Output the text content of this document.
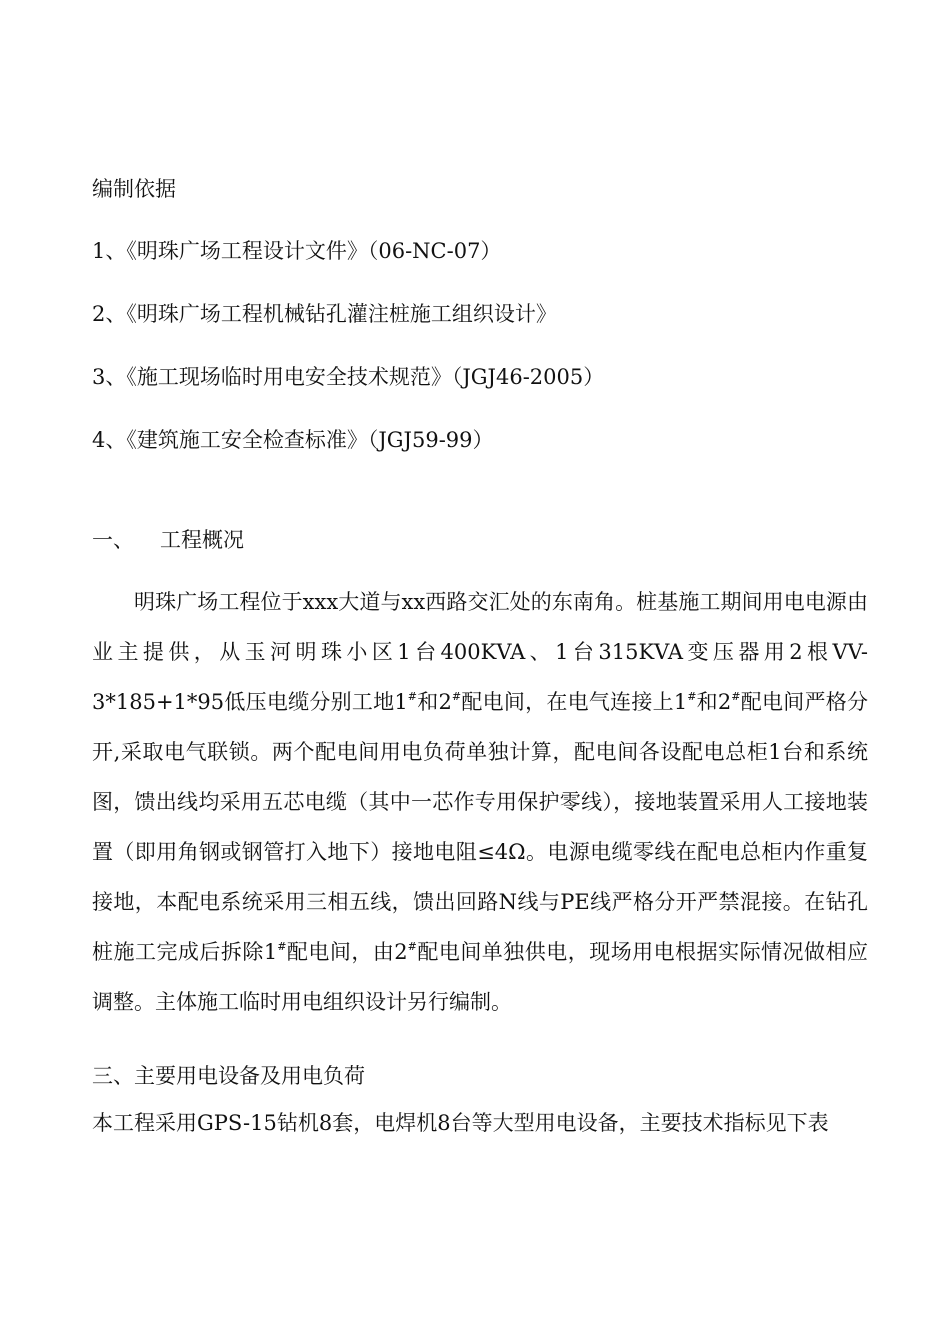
编制依据
1、《明珠广场工程设计文件》（06-NC-07）
2、《明珠广场工程机械钻孔灌注桩施工组织设计》
3、《施工现场临时用电安全技术规范》（JGJ46-2005）
4、《建筑施工安全检查标准》（JGJ59-99）
一、 工程概况
明珠广场工程位于xxx大道与xx西路交汇处的东南角。桩基施工期间用电电源由业主提供，从玉河明珠小区1台400KVA、1台315KVA变压器用2根VV-3*185+1*95低压电缆分别工地1#和2#配电间，在电气连接上1#和2#配电间严格分开,采取电气联锁。两个配电间用电负荷单独计算，配电间各设配电总柜1台和系统图，馈出线均采用五芯电缆（其中一芯作专用保护零线），接地装置采用人工接地装置（即用角钢或钢管打入地下）接地电阻≤4Ω。电源电缆零线在配电总柜内作重复接地，本配电系统采用三相五线，馈出回路N线与PE线严格分开严禁混接。在钻孔桩施工完成后拆除1#配电间，由2#配电间单独供电，现场用电根据实际情况做相应调整。主体施工临时用电组织设计另行编制。
三、主要用电设备及用电负荷
本工程采用GPS-15钻机8套，电焊机8台等大型用电设备，主要技术指标见下表
